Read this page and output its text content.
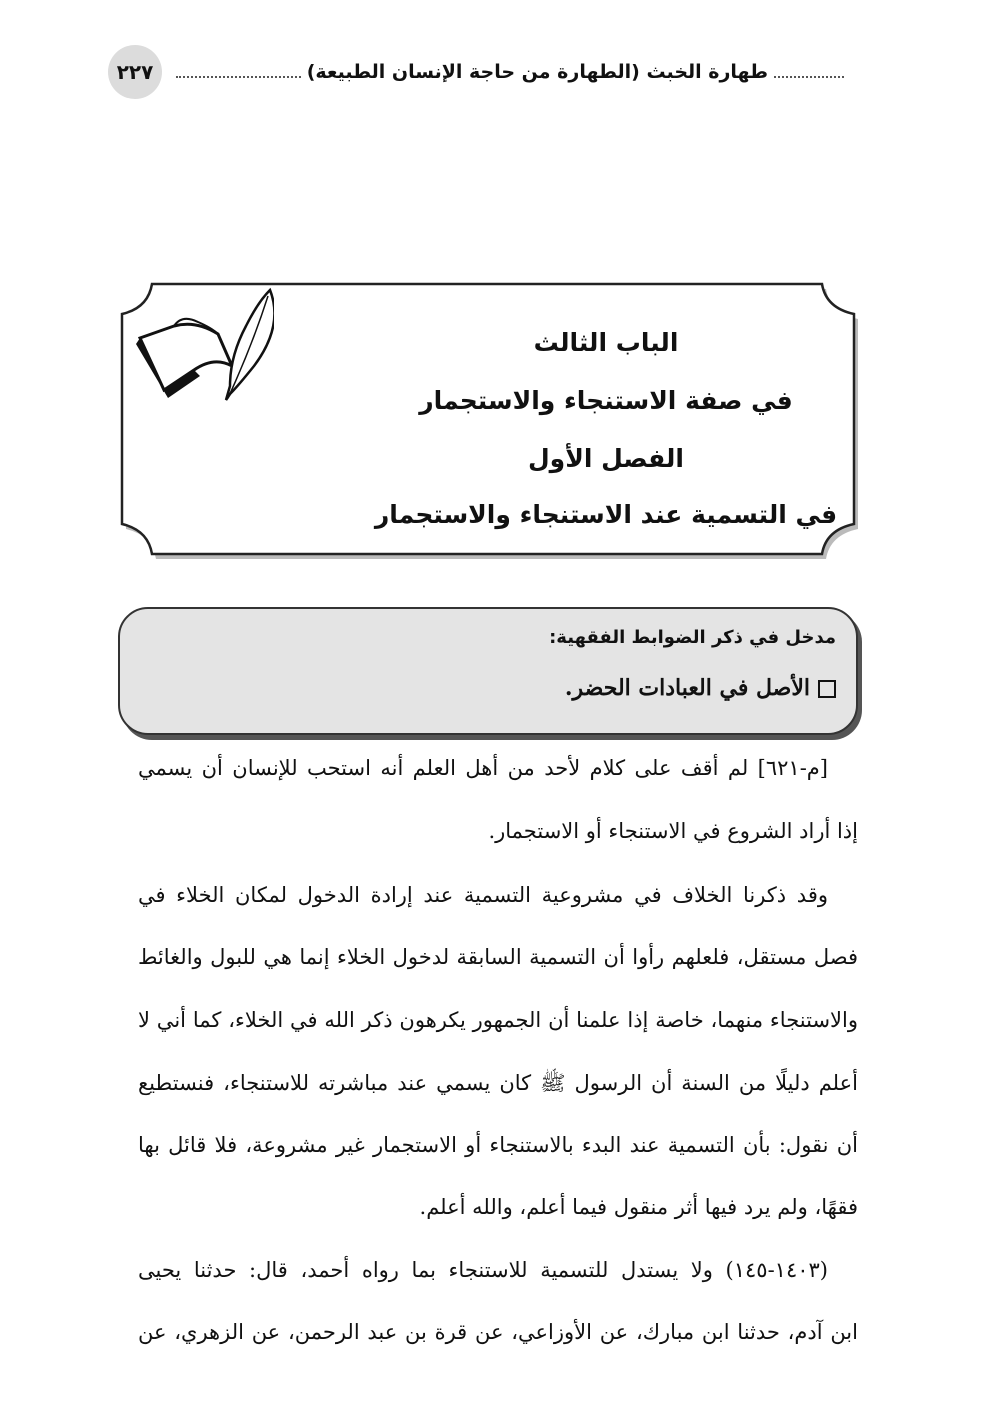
طهارة الخبث (الطهارة من حاجة الإنسان الطبيعة)
٢٢٧
الباب الثالث
في صفة الاستنجاء والاستجمار
الفصل الأول
في التسمية عند الاستنجاء والاستجمار
مدخل في ذكر الضوابط الفقهية:
الأصل في العبادات الحضر.
[م-٦٢١] لم أقف على كلام لأحد من أهل العلم أنه استحب للإنسان أن يسمي
إذا أراد الشروع في الاستنجاء أو الاستجمار.
وقد ذكرنا الخلاف في مشروعية التسمية عند إرادة الدخول لمكان الخلاء في
فصل مستقل، فلعلهم رأوا أن التسمية السابقة لدخول الخلاء إنما هي للبول والغائط
والاستنجاء منهما، خاصة إذا علمنا أن الجمهور يكرهون ذكر الله في الخلاء، كما أني لا
أعلم دليلًا من السنة أن الرسول ﷺ كان يسمي عند مباشرته للاستنجاء، فنستطيع
أن نقول: بأن التسمية عند البدء بالاستنجاء أو الاستجمار غير مشروعة، فلا قائل بها
فقهًا، ولم يرد فيها أثر منقول فيما أعلم، والله أعلم.
(١٤٠٣-١٤٥) ولا يستدل للتسمية للاستنجاء بما رواه أحمد، قال: حدثنا يحيى
ابن آدم، حدثنا ابن مبارك، عن الأوزاعي، عن قرة بن عبد الرحمن، عن الزهري، عن
